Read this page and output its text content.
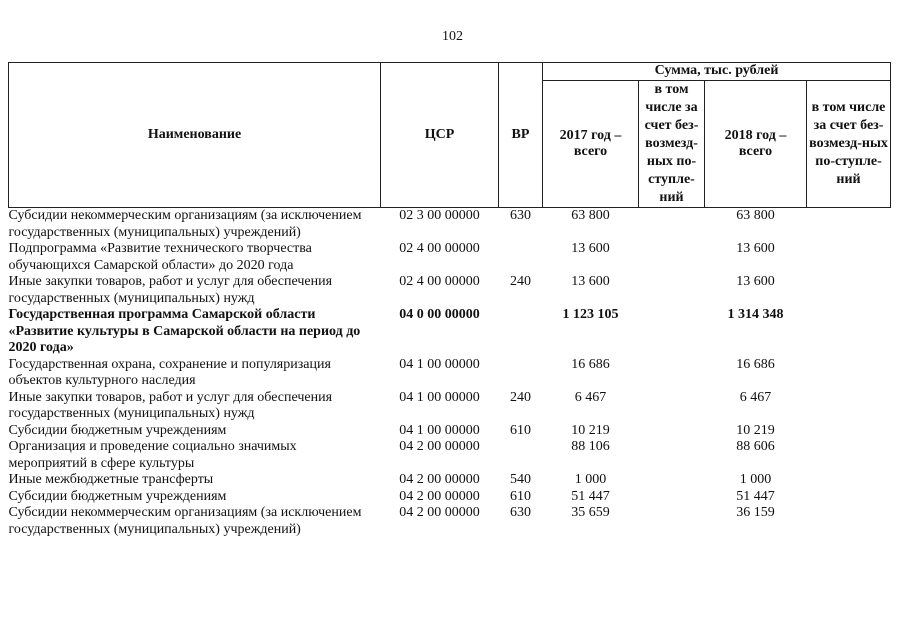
102
Наименование	ЦСР	ВР	Сумма, тыс. рублей			
			2017 год – всего	в том числе за счет без-возмезд-ных по-ступле-ний	2018 год – всего	в том числе за счет без-возмезд-ных по-ступле-ний
Субсидии некоммерческим организациям (за исключением государственных (муниципальных) учреждений)	02 3 00 00000	630	63 800		63 800	
Подпрограмма «Развитие технического творчества обучающихся Самарской области» до 2020 года	02 4 00 00000		13 600		13 600	
Иные закупки товаров, работ и услуг для обеспечения государственных (муниципальных) нужд	02 4 00 00000	240	13 600		13 600	
Государственная программа Самарской области «Развитие культуры в Самарской области на период до 2020 года»	04 0 00 00000		1 123 105		1 314 348	
Государственная охрана, сохранение и популяризация объектов культурного наследия	04 1 00 00000		16 686		16 686	
Иные закупки товаров, работ и услуг для обеспечения государственных (муниципальных) нужд	04 1 00 00000	240	6 467		6 467	
Субсидии бюджетным учреждениям	04 1 00 00000	610	10 219		10 219	
Организация и проведение социально значимых мероприятий в сфере культуры	04 2 00 00000		88 106		88 606	
Иные межбюджетные трансферты	04 2 00 00000	540	1 000		1 000	
Субсидии бюджетным учреждениям	04 2 00 00000	610	51 447		51 447	
Субсидии некоммерческим организациям (за исключением государственных (муниципальных) учреждений)	04 2 00 00000	630	35 659		36 159	
